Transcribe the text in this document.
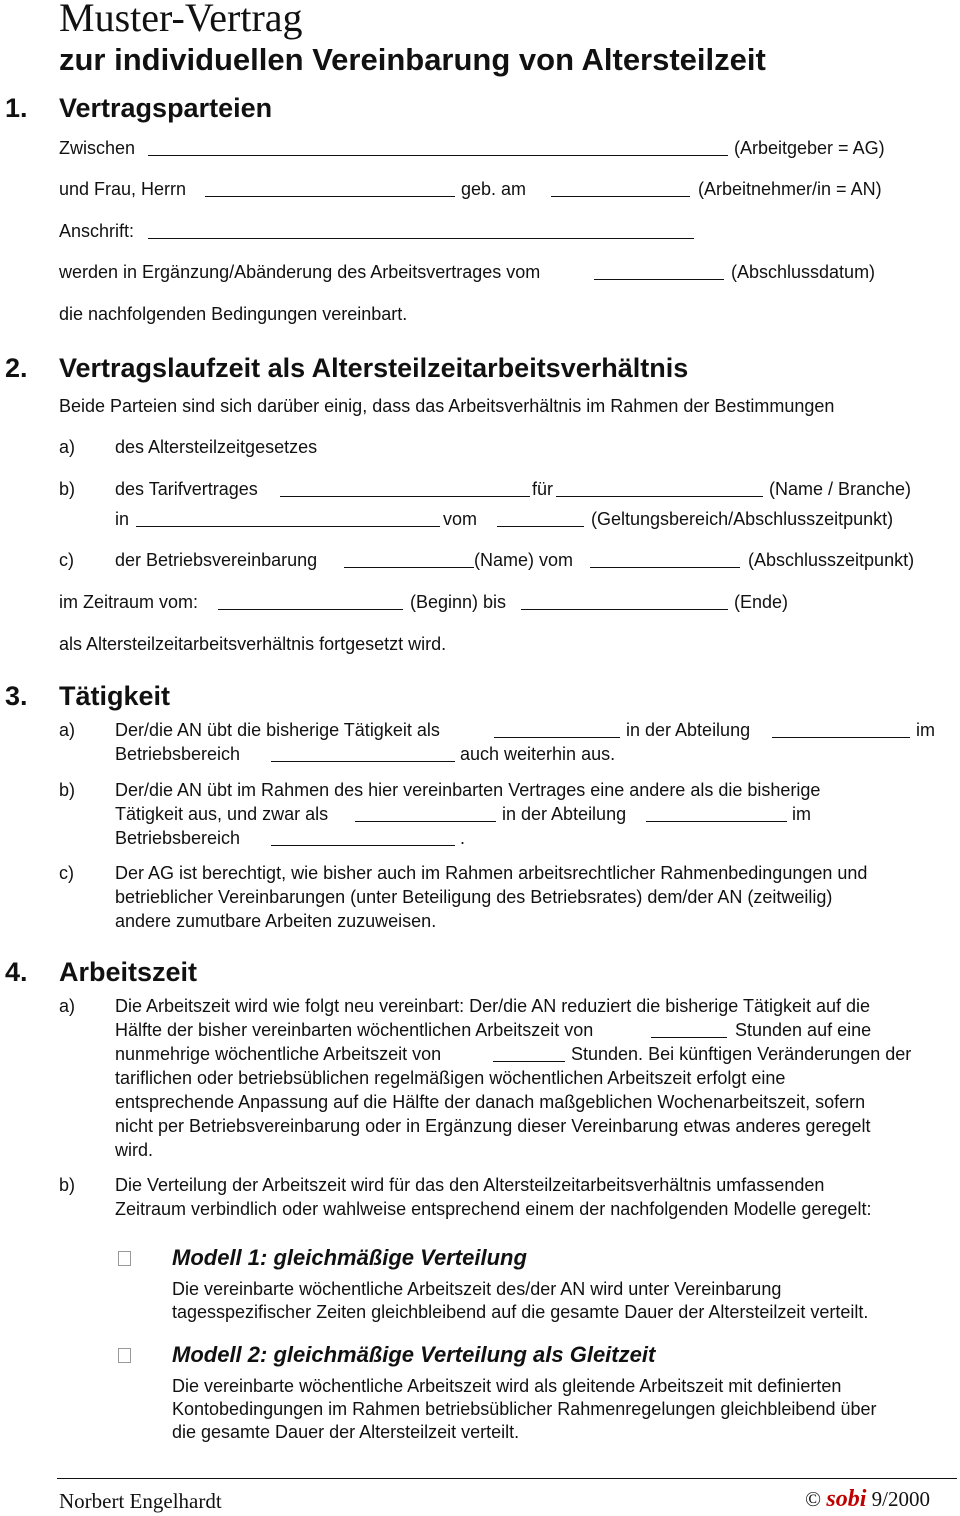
Muster-Vertrag
zur individuellen Vereinbarung von Altersteilzeit
1. Vertragsparteien
Zwischen	(Arbeitgeber = AG)
und Frau, Herrn	geb. am	(Arbeitnehmer/in = AN)
Anschrift:
werden in Ergänzung/Abänderung des Arbeitsvertrages vom	(Abschlussdatum)
die nachfolgenden Bedingungen vereinbart.
2. Vertragslaufzeit als Altersteilzeitarbeitsverhältnis
Beide Parteien sind sich darüber einig, dass das Arbeitsverhältnis im Rahmen der Bestimmungen
a) des Altersteilzeitgesetzes
b) des Tarifvertrages	für	(Name / Branche)
in	vom	(Geltungsbereich/Abschlusszeitpunkt)
c) der Betriebsvereinbarung	(Name) vom	(Abschlusszeitpunkt)
im Zeitraum vom:	(Beginn) bis	(Ende)
als Altersteilzeitarbeitsverhältnis fortgesetzt wird.
3. Tätigkeit
a) Der/die AN übt die bisherige Tätigkeit als	in der Abteilung	im
Betriebsbereich	auch weiterhin aus.
b) Der/die AN übt im Rahmen des hier vereinbarten Vertrages eine andere als die bisherige
Tätigkeit aus, und zwar als	in der Abteilung	im
Betriebsbereich	.
c) Der AG ist berechtigt, wie bisher auch im Rahmen arbeitsrechtlicher Rahmenbedingungen und
betrieblicher Vereinbarungen (unter Beteiligung des Betriebsrates) dem/der AN (zeitweilig)
andere zumutbare Arbeiten zuzuweisen.
4. Arbeitszeit
a) Die Arbeitszeit wird wie folgt neu vereinbart: Der/die AN reduziert die bisherige Tätigkeit auf die
Hälfte der bisher vereinbarten wöchentlichen Arbeitszeit von	Stunden auf eine
nunmehrige wöchentliche Arbeitszeit von	Stunden. Bei künftigen Veränderungen der
tariflichen oder betriebsüblichen regelmäßigen wöchentlichen Arbeitszeit erfolgt eine
entsprechende Anpassung auf die Hälfte der danach maßgeblichen Wochenarbeitszeit, sofern
nicht per Betriebsvereinbarung oder in Ergänzung dieser Vereinbarung etwas anderes geregelt
wird.
b) Die Verteilung der Arbeitszeit wird für das den Altersteilzeitarbeitsverhältnis umfassenden
Zeitraum verbindlich oder wahlweise entsprechend einem der nachfolgenden Modelle geregelt:
Modell 1: gleichmäßige Verteilung
Die vereinbarte wöchentliche Arbeitszeit des/der AN wird unter Vereinbarung
tagesspezifischer Zeiten gleichbleibend auf die gesamte Dauer der Altersteilzeit verteilt.
Modell 2: gleichmäßige Verteilung als Gleitzeit
Die vereinbarte wöchentliche Arbeitszeit wird als gleitende Arbeitszeit mit definierten
Kontobedingungen im Rahmen betriebsüblicher Rahmenregelungen gleichbleibend über
die gesamte Dauer der Altersteilzeit verteilt.
Norbert Engelhardt	© sobi 9/2000
